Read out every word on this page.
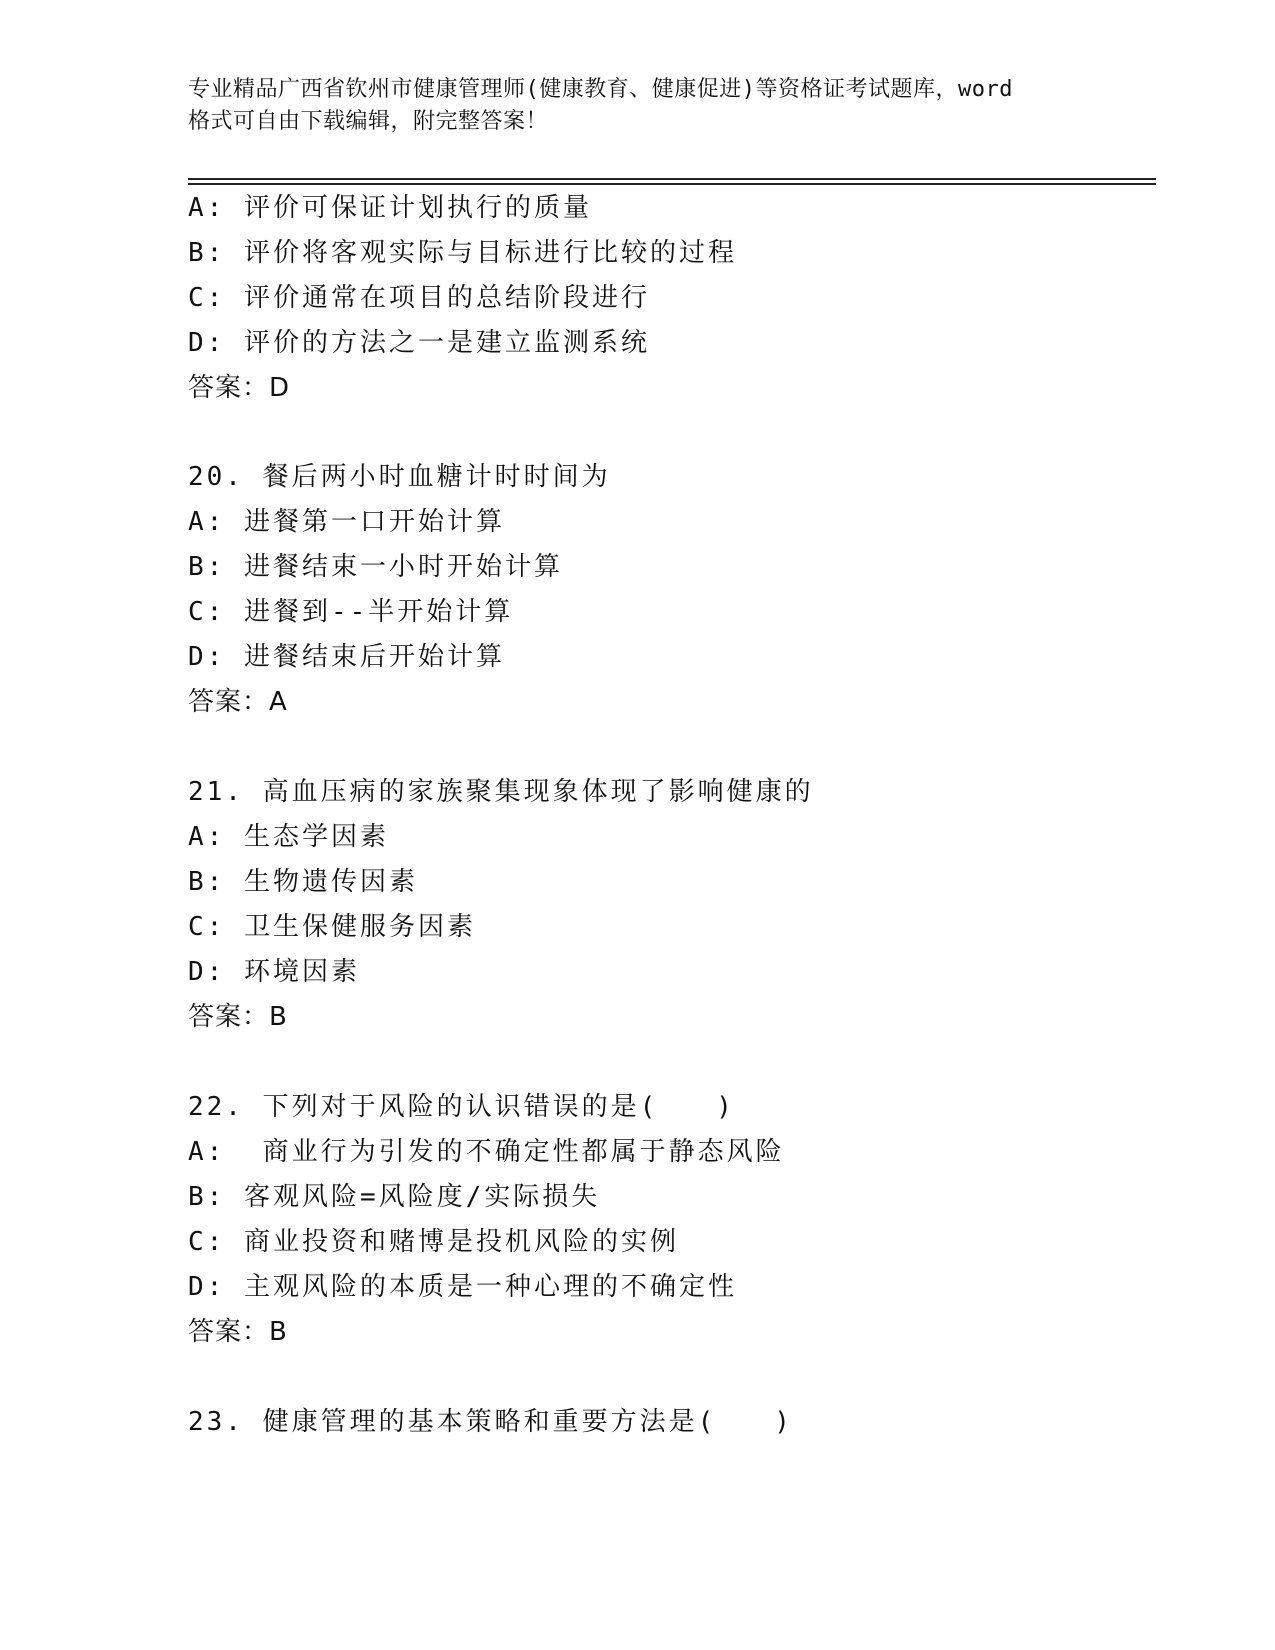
专业精品广西省钦州市健康管理师(健康教育、健康促进)等资格证考试题库，word
格式可自由下载编辑，附完整答案！
A: 评价可保证计划执行的质量
B: 评价将客观实际与目标进行比较的过程
C: 评价通常在项目的总结阶段进行
D: 评价的方法之一是建立监测系统
答案：D
20. 餐后两小时血糖计时时间为
A: 进餐第一口开始计算
B: 进餐结束一小时开始计算
C: 进餐到--半开始计算
D: 进餐结束后开始计算
答案：A
21. 高血压病的家族聚集现象体现了影响健康的
A: 生态学因素
B: 生物遗传因素
C: 卫生保健服务因素
D: 环境因素
答案：B
22. 下列对于风险的认识错误的是(　　)
A:  商业行为引发的不确定性都属于静态风险
B: 客观风险=风险度/实际损失
C: 商业投资和赌博是投机风险的实例
D: 主观风险的本质是一种心理的不确定性
答案：B
23. 健康管理的基本策略和重要方法是(　　)
